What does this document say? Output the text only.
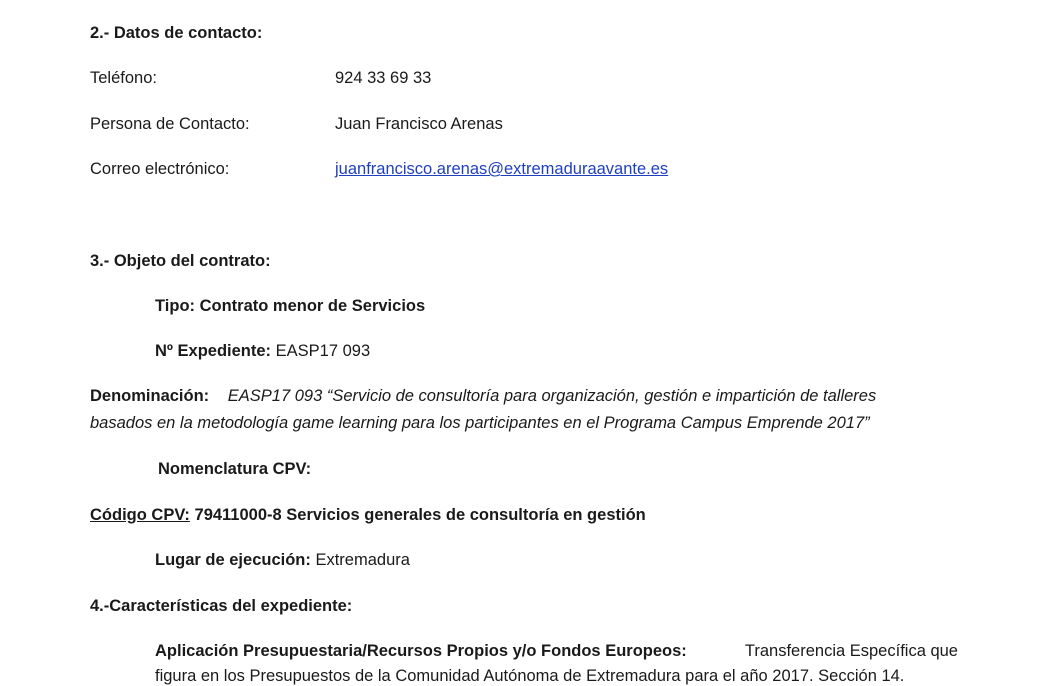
2.- Datos de contacto:
Teléfono:	924 33 69 33
Persona de Contacto:	Juan Francisco Arenas
Correo electrónico:	juanfrancisco.arenas@extremaduraavante.es
3.- Objeto del contrato:
Tipo: Contrato menor de Servicios
Nº Expediente: EASP17 093
Denominación: EASP17 093 “Servicio de consultoría para organización, gestión e impartición de talleres
basados en la metodología game learning para los participantes en el Programa Campus Emprende 2017”
Nomenclatura CPV:
Código CPV: 79411000-8 Servicios generales de consultoría en gestión
Lugar de ejecución: Extremadura
4.-Características del expediente:
Aplicación Presupuestaria/Recursos Propios y/o Fondos Europeos:	Transferencia Específica que
figura en los Presupuestos de la Comunidad Autónoma de Extremadura para el año 2017. Sección 14.
